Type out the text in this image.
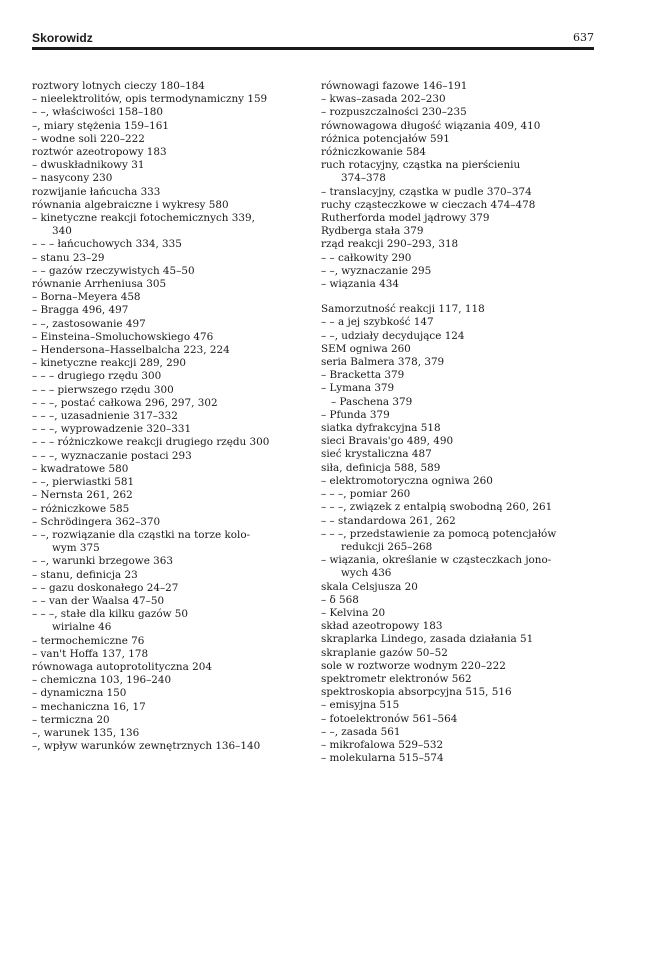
Skorowidz	637
roztwory lotnych cieczy 180–184
– nieelektrolitów, opis termodynamiczny 159
– –, właściwości 158–180
–, miary stężenia 159–161
– wodne soli 220–222
roztwór azeotropowy 183
– dwuskładnikowy 31
– nasycony 230
rozwijanie łańcucha 333
równania algebraiczne i wykresy 580
– kinetyczne reakcji fotochemicznych 339,
340
– – – łańcuchowych 334, 335
– stanu 23–29
– – gazów rzeczywistych 45–50
równanie Arrheniusa 305
– Borna–Meyera 458
– Bragga 496, 497
– –, zastosowanie 497
– Einsteina–Smoluchowskiego 476
– Hendersona–Hasselbalcha 223, 224
– kinetyczne reakcji 289, 290
– – – drugiego rzędu 300
– – – pierwszego rzędu 300
– – –, postać całkowa 296, 297, 302
– – –, uzasadnienie 317–332
– – –, wyprowadzenie 320–331
– – – różniczkowe reakcji drugiego rzędu 300
– – –, wyznaczanie postaci 293
– kwadratowe 580
– –, pierwiastki 581
– Nernsta 261, 262
– różniczkowe 585
– Schrödingera 362–370
– –, rozwiązanie dla cząstki na torze kolo-
wym 375
– –, warunki brzegowe 363
– stanu, definicja 23
– – gazu doskonałego 24–27
– – van der Waalsa 47–50
– – –, stałe dla kilku gazów 50
wirialne 46
– termochemiczne 76
– van't Hoffa 137, 178
równowaga autoprotolityczna 204
– chemiczna 103, 196–240
– dynamiczna 150
– mechaniczna 16, 17
– termiczna 20
–, warunek 135, 136
–, wpływ warunków zewnętrznych 136–140
równowagi fazowe 146–191
– kwas–zasada 202–230
– rozpuszczalności 230–235
równowagowa długość wiązania 409, 410
różnica potencjałów 591
różniczkowanie 584
ruch rotacyjny, cząstka na pierścieniu
374–378
– translacyjny, cząstka w pudle 370–374
ruchy cząsteczkowe w cieczach 474–478
Rutherforda model jądrowy 379
Rydberga stała 379
rząd reakcji 290–293, 318
– – całkowity 290
– –, wyznaczanie 295
– wiązania 434
Samorzutność reakcji 117, 118
– – a jej szybkość 147
– –, udziały decydujące 124
SEM ogniwa 260
seria Balmera 378, 379
– Bracketta 379
– Lymana 379
– Paschena 379
– Pfunda 379
siatka dyfrakcyjna 518
sieci Bravais'go 489, 490
sieć krystaliczna 487
siła, definicja 588, 589
– elektromotoryczna ogniwa 260
– – –, pomiar 260
– – –, związek z entalpią swobodną 260, 261
– – standardowa 261, 262
– – –, przedstawienie za pomocą potencjałów
redukcji 265–268
– wiązania, określanie w cząsteczkach jono-
wych 436
skala Celsjusza 20
– δ 568
– Kelvina 20
skład azeotropowy 183
skraplarka Lindego, zasada działania 51
skraplanie gazów 50–52
sole w roztworze wodnym 220–222
spektrometr elektronów 562
spektroskopia absorpcyjna 515, 516
– emisyjna 515
– fotoelektronów 561–564
– –, zasada 561
– mikrofalowa 529–532
– molekularna 515–574
